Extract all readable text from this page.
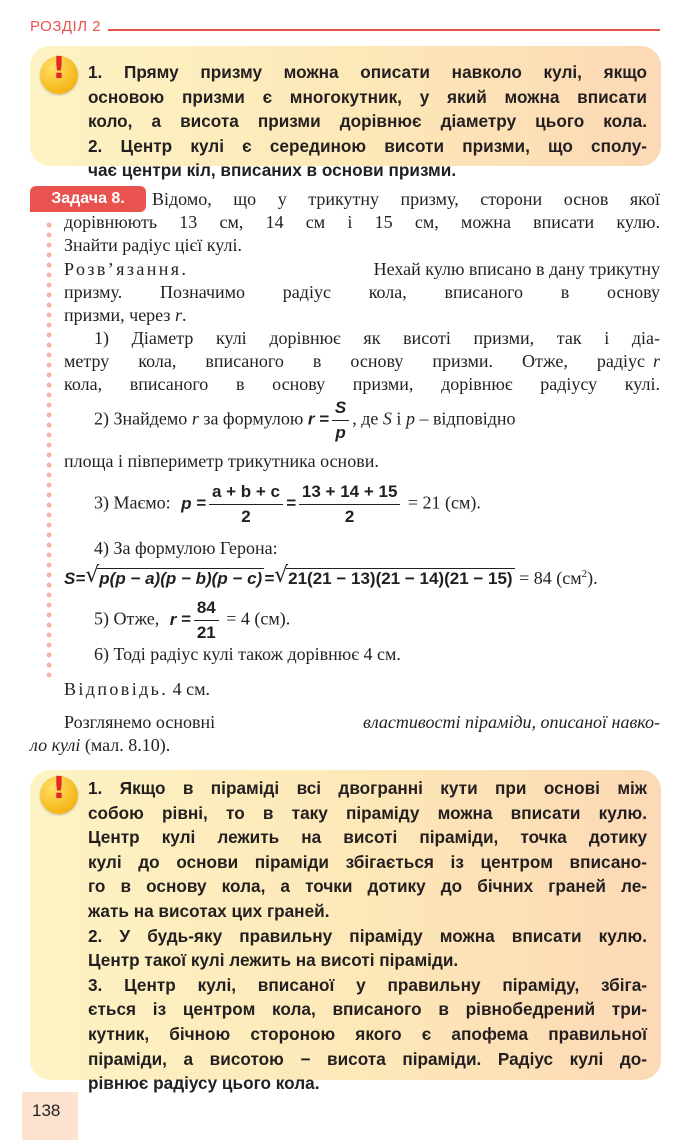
РОЗДІЛ 2
!

1. Пряму призму можна описати навколо кулі, якщо

основою призми є многокутник, у який можна вписати

коло, а висота призми дорівнює діаметру цього кола.

2. Центр кулі є серединою висоти призми, що сполу-

чає центри кіл, вписаних в основи призми.

Задача 8.	Відомо, що у трикутну призму, сторони основ якої
дорівнюють 13 см, 14 см і 15 см, можна вписати кулю.
Знайти радіус цієї кулі.
Розв’язання.	Нехай кулю вписано в дану трикутну
призму. Позначимо радіус кола, вписаного в основу
призми, через r.
1) Діаметр кулі дорівнює як висоті призми, так і діа-
метру кола, вписаного в основу призми. Отже, радіус r
кола, вписаного в основу призми, дорівнює радіусу кулі.
2) Знайдемо r за формулою $r = \frac{S}{p}$ , де S і p – відповідно
площа і півпериметр трикутника основи.
3) Маємо: $p = \frac{a + b + c}{2} = \frac{13 + 14 + 15}{2} = 21$ (см).
4) За формулою Герона:
S= √ p(p − a)(p − b)(p − c) = √ 21(21 − 13)(21 − 14)(21 − 15) = 84 $(см^2)$.
5) Отже, $r = \frac{84}{21} = 4$ (см).
6) Тоді радіус кулі також дорівнює 4 см.
Відповідь. 4 см.
Розглянемо основні	властивості піраміди, описаної навко-
ло кулі (мал. 8.10).
!

1. Якщо в піраміді всі двогранні кути при основі між

собою рівні, то в таку піраміду можна вписати кулю.

Центр кулі лежить на висоті піраміди, точка дотику

кулі до основи піраміди збігається із центром вписано-

го в основу кола, а точки дотику до бічних граней ле-

жать на висотах цих граней.

2. У будь-яку правильну піраміду можна вписати кулю.

Центр такої кулі лежить на висоті піраміди.

3. Центр кулі, вписаної у правильну піраміду, збіга-

ється із центром кола, вписаного в рівнобедрений три-

кутник, бічною стороною якого є апофема правильної

піраміди, а висотою − висота піраміди. Радіус кулі до-

рівнює радіусу цього кола.

138
